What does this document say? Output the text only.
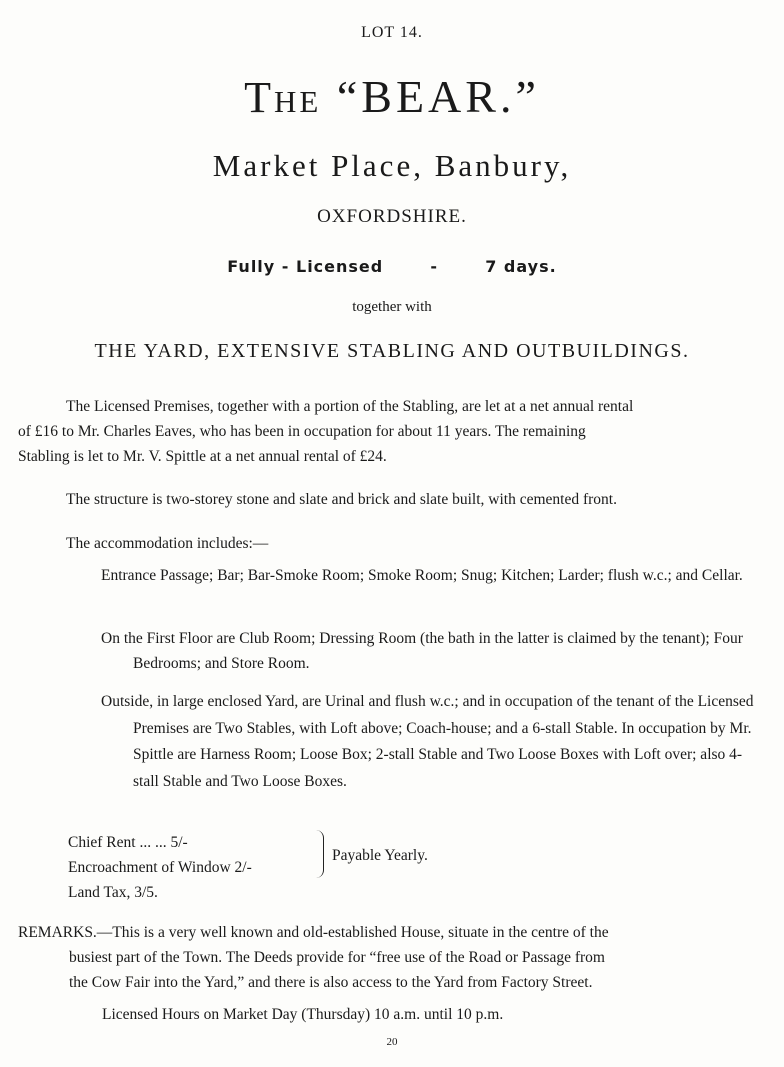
LOT 14.
The “BEAR.”
Market Place, Banbury,
OXFORDSHIRE.
Fully - Licensed	-	7 days.
together with
THE YARD, EXTENSIVE STABLING AND OUTBUILDINGS.
The Licensed Premises, together with a portion of the Stabling, are let at a net annual rental
of £16 to Mr. Charles Eaves, who has been in occupation for about 11 years. The remaining
Stabling is let to Mr. V. Spittle at a net annual rental of £24.
The structure is two-storey stone and slate and brick and slate built, with cemented front.
The accommodation includes:—
Entrance Passage; Bar; Bar-Smoke Room; Smoke Room; Snug; Kitchen; Larder; flush w.c.; and Cellar.
On the First Floor are Club Room; Dressing Room (the bath in the latter is claimed by the tenant); Four Bedrooms; and Store Room.
Outside, in large enclosed Yard, are Urinal and flush w.c.; and in occupation of the tenant of the Licensed Premises are Two Stables, with Loft above; Coach-house; and a 6-stall Stable. In occupation by Mr. Spittle are Harness Room; Loose Box; 2-stall Stable and Two Loose Boxes with Loft over; also 4-stall Stable and Two Loose Boxes.
Chief Rent ... ... 5/-
Encroachment of Window 2/-
Payable Yearly.
Land Tax, 3/5.
REMARKS.—This is a very well known and old-established House, situate in the centre of the
busiest part of the Town. The Deeds provide for “free use of the Road or Passage from
the Cow Fair into the Yard,” and there is also access to the Yard from Factory Street.
Licensed Hours on Market Day (Thursday) 10 a.m. until 10 p.m.
20
